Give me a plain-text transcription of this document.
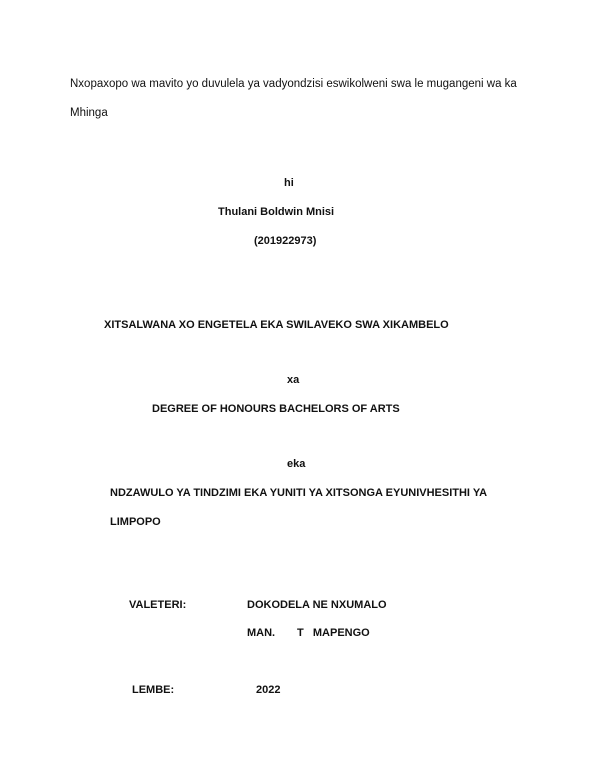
Nxopaxopo wa mavito yo duvulela ya vadyondzisi eswikolweni swa le mugangeni wa ka Mhinga
hi
Thulani Boldwin Mnisi
(201922973)
XITSALWANA XO ENGETELA EKA SWILAVEKO SWA XIKAMBELO
xa
DEGREE OF HONOURS BACHELORS OF ARTS
eka
NDZAWULO YA TINDZIMI EKA YUNITI YA XITSONGA EYUNIVHESITHI YA
LIMPOPO
VALETERI:	DOKODELA NE NXUMALO
MAN. T   MAPENGO
LEMBE:	2022
